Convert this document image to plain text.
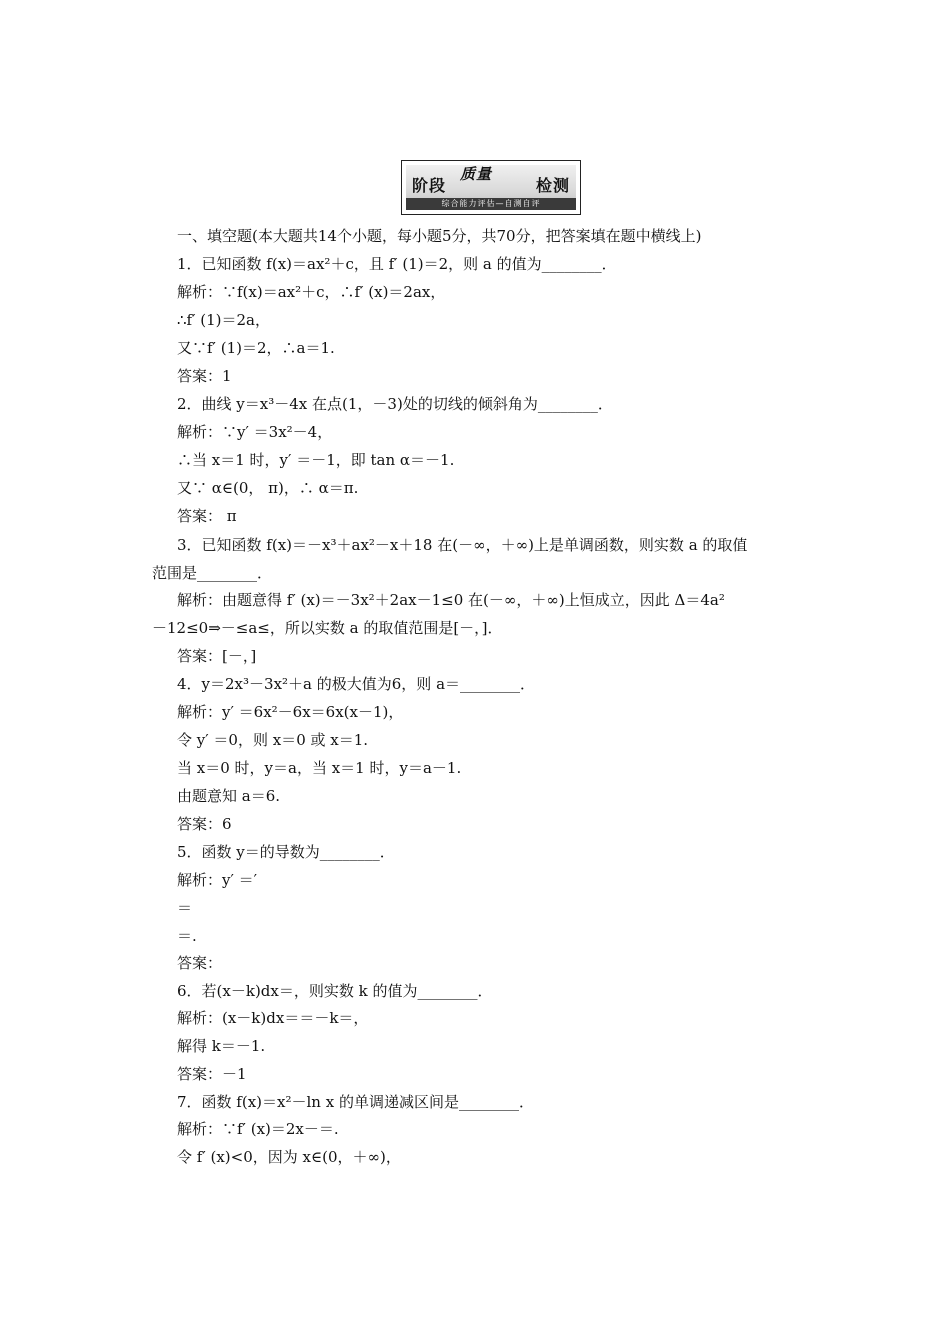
阶段
质量
检测
综合能力评估—自测自评
一、填空题(本大题共14个小题，每小题5分，共70分，把答案填在题中横线上)
1．已知函数 f(x)＝ax²＋c，且 f′ (1)＝2，则 a 的值为________．
解析：∵f(x)＝ax²＋c，∴f′ (x)＝2ax，
∴f′ (1)＝2a，
又∵f′ (1)＝2，∴a＝1.
答案：1
2．曲线 y＝x³－4x 在点(1，－3)处的切线的倾斜角为________．
解析：∵y′ ＝3x²－4，
∴当 x＝1 时，y′ ＝－1，即 tan α＝－1.
又∵ α∈(0， π)，∴ α＝π.
答案： π
3．已知函数 f(x)＝－x³＋ax²－x＋18 在(－∞，＋∞)上是单调函数，则实数 a 的取值
范围是________．
解析：由题意得 f′ (x)＝－3x²＋2ax－1≤0 在(－∞，＋∞)上恒成立，因此 Δ＝4a²
－12≤0⇒－≤a≤，所以实数 a 的取值范围是[－，]．
答案：[－，]
4．y＝2x³－3x²＋a 的极大值为6，则 a＝________．
解析：y′ ＝6x²－6x＝6x(x－1)，
令 y′ ＝0，则 x＝0 或 x＝1.
当 x＝0 时，y＝a，当 x＝1 时，y＝a－1.
由题意知 a＝6.
答案：6
5．函数 y＝的导数为________．
解析：y′ ＝′
＝
＝.
答案：
6．若(x－k)dx＝，则实数 k 的值为________．
解析：(x－k)dx＝＝－k＝，
解得 k＝－1.
答案：－1
7．函数 f(x)＝x²－ln x 的单调递减区间是________．
解析：∵f′ (x)＝2x－＝.
令 f′ (x)<0，因为 x∈(0，＋∞)，
